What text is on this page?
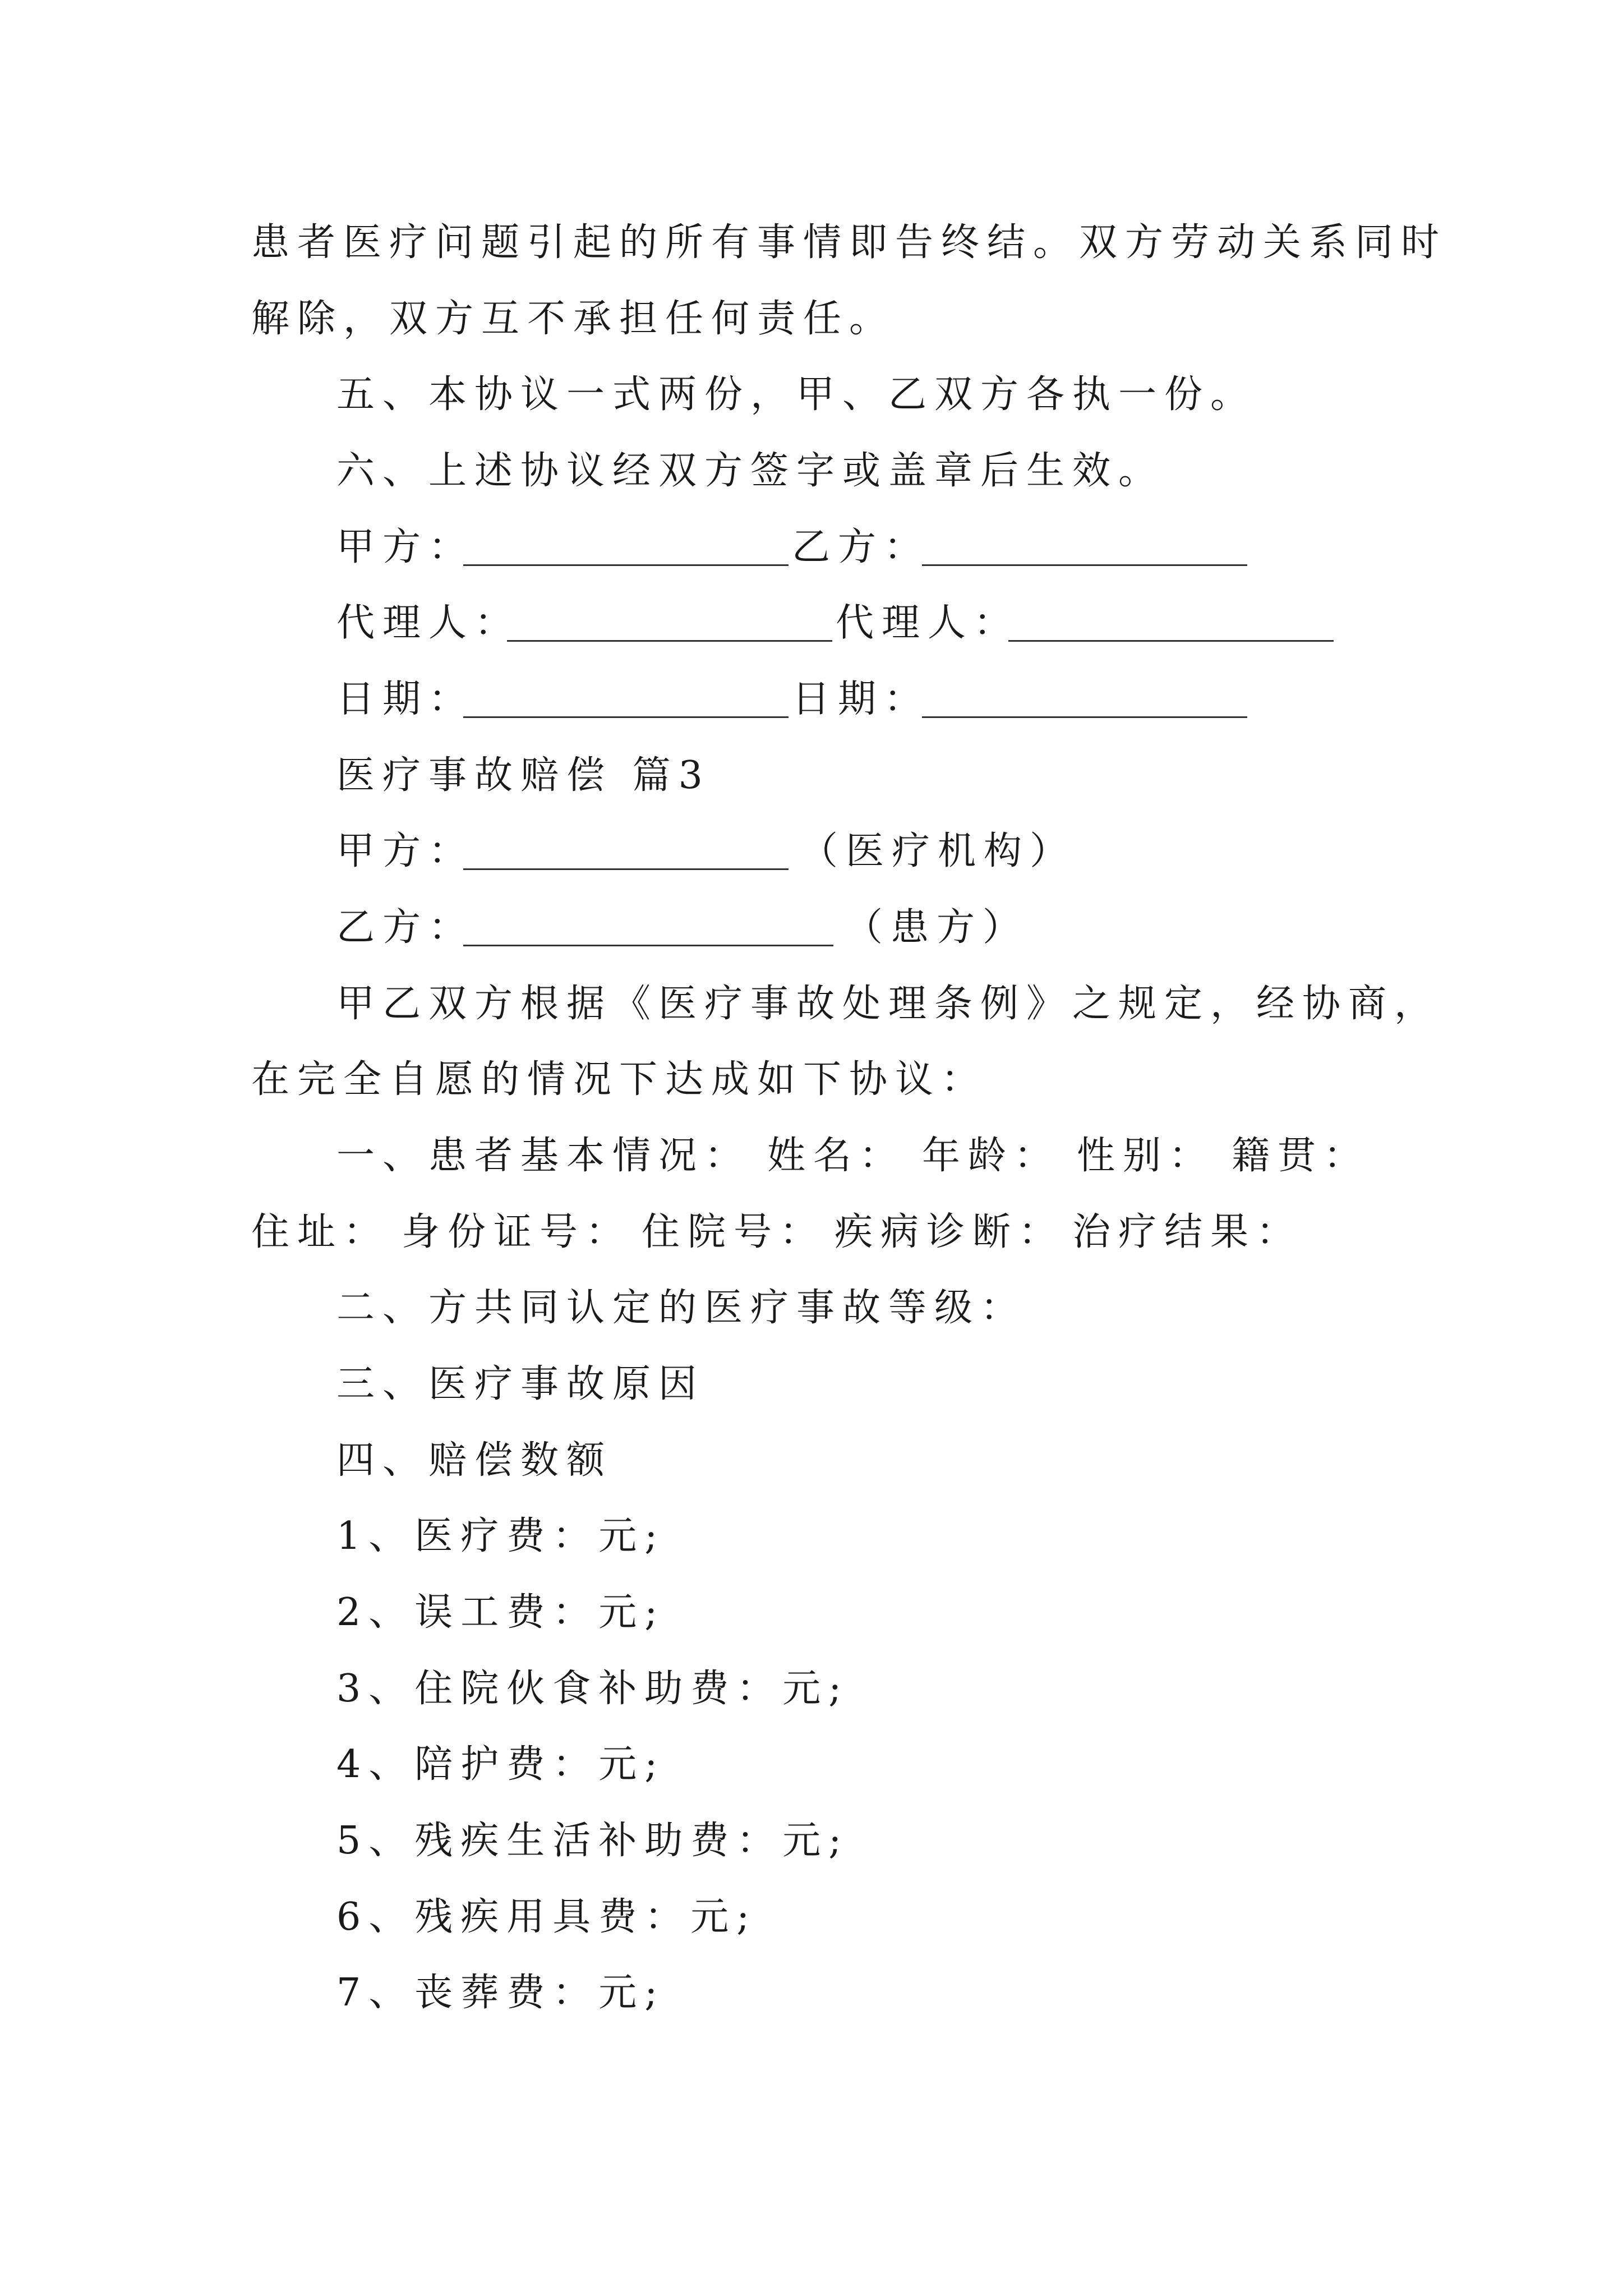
患者医疗问题引起的所有事情即告终结。双方劳动关系同时
解除，双方互不承担任何责任。
五、本协议一式两份，甲、乙双方各执一份。
六、上述协议经双方签字或盖章后生效。
甲方：	乙方：
代理人：	代理人：
日期：	日期：
医疗事故赔偿 篇3
甲方：	（医疗机构）
乙方：	（患方）
甲乙双方根据《医疗事故处理条例》之规定，经协商，
在完全自愿的情况下达成如下协议：
一、患者基本情况： 姓名： 年龄： 性别： 籍贯：
住址： 身份证号： 住院号： 疾病诊断： 治疗结果：
二、方共同认定的医疗事故等级：
三、医疗事故原因
四、赔偿数额
1、医疗费：元;
2、误工费：元;
3、住院伙食补助费：元;
4、陪护费：元;
5、残疾生活补助费：元;
6、残疾用具费：元;
7、丧葬费：元;
